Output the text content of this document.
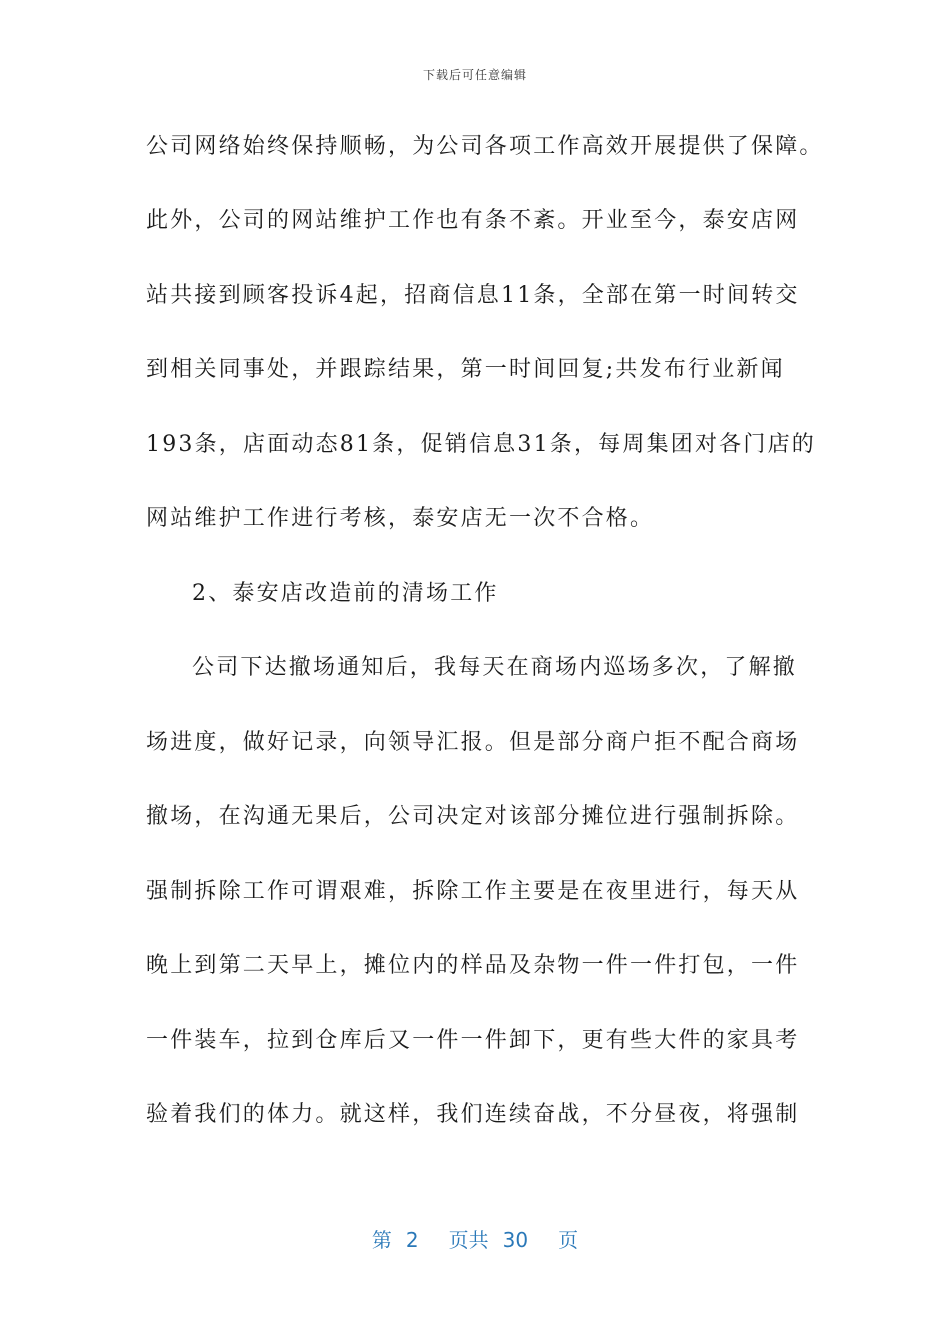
下载后可任意编辑
公司网络始终保持顺畅，为公司各项工作高效开展提供了保障。
此外，公司的网站维护工作也有条不紊。开业至今，泰安店网
站共接到顾客投诉4起，招商信息11条，全部在第一时间转交
到相关同事处，并跟踪结果，第一时间回复;共发布行业新闻
193条，店面动态81条，促销信息31条，每周集团对各门店的
网站维护工作进行考核，泰安店无一次不合格。
2、泰安店改造前的清场工作
公司下达撤场通知后，我每天在商场内巡场多次，了解撤
场进度，做好记录，向领导汇报。但是部分商户拒不配合商场
撤场，在沟通无果后，公司决定对该部分摊位进行强制拆除。
强制拆除工作可谓艰难，拆除工作主要是在夜里进行，每天从
晚上到第二天早上，摊位内的样品及杂物一件一件打包，一件
一件装车，拉到仓库后又一件一件卸下，更有些大件的家具考
验着我们的体力。就这样，我们连续奋战，不分昼夜，将强制
第 2 页共 30 页
